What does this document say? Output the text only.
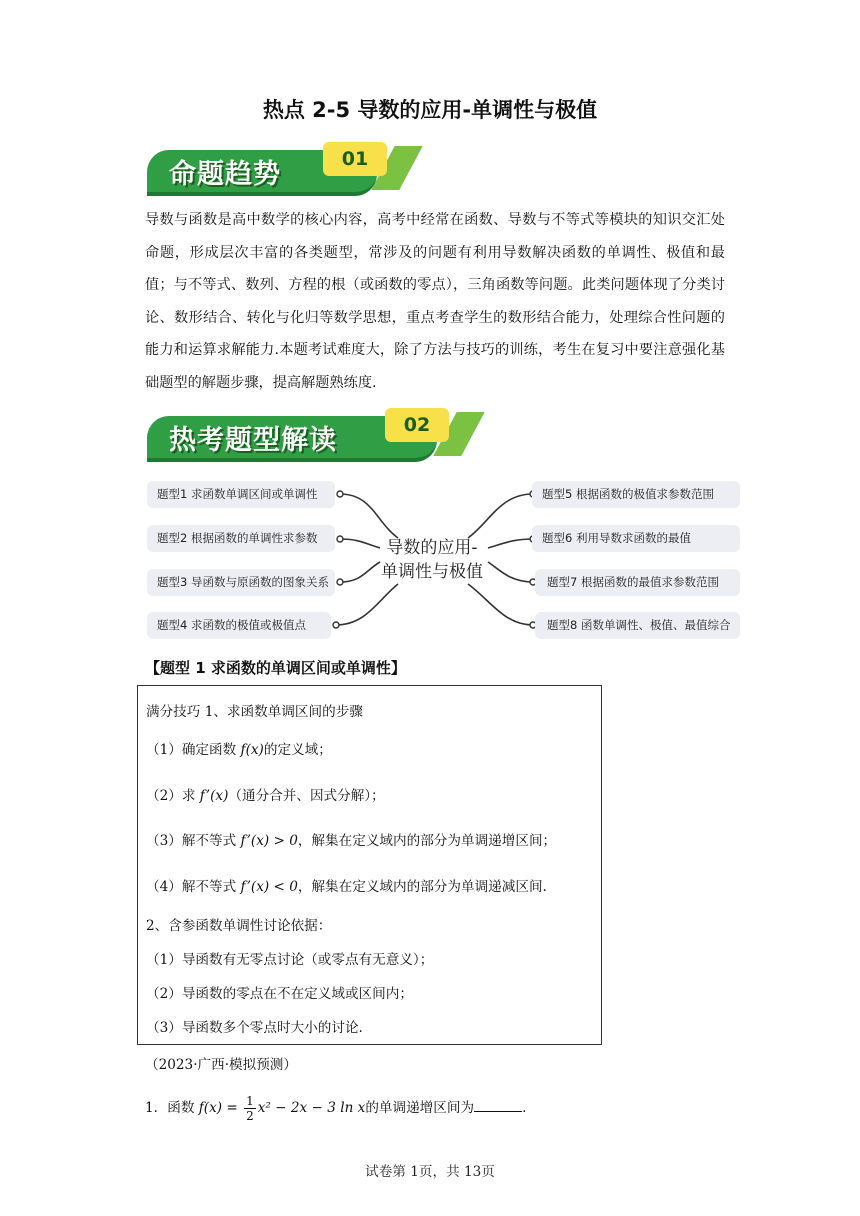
热点 2-5 导数的应用-单调性与极值
命题趋势	01
导数与函数是高中数学的核心内容，高考中经常在函数、导数与不等式等模块的知识交汇处命题，形成层次丰富的各类题型，常涉及的问题有利用导数解决函数的单调性、极值和最值；与不等式、数列、方程的根（或函数的零点），三角函数等问题。此类问题体现了分类讨论、数形结合、转化与化归等数学思想，重点考查学生的数形结合能力，处理综合性问题的能力和运算求解能力.本题考试难度大，除了方法与技巧的训练，考生在复习中要注意强化基础题型的解题步骤，提高解题熟练度.
热考题型解读	02
题型1 求函数单调区间或单调性
题型2 根据函数的单调性求参数
题型3 导函数与原函数的图象关系
题型4 求函数的极值或极值点
导数的应用-
单调性与极值
题型5 根据函数的极值求参数范围
题型6 利用导数求函数的最值
题型7 根据函数的最值求参数范围
题型8 函数单调性、极值、最值综合
【题型 1 求函数的单调区间或单调性】
满分技巧 1、求函数单调区间的步骤
（1）确定函数 f(x)的定义域；
（2）求 f’(x)（通分合并、因式分解）；
（3）解不等式 f’(x) > 0，解集在定义域内的部分为单调递增区间；
（4）解不等式 f’(x) < 0，解集在定义域内的部分为单调递减区间.
2、含参函数单调性讨论依据：
（1）导函数有无零点讨论（或零点有无意义）；
（2）导函数的零点在不在定义域或区间内；
（3）导函数多个零点时大小的讨论.
（2023·广西·模拟预测）
1．函数 $f(x) = \frac{1}{2} x^2 - 2x - 3$ ln x的单调递增区间为	.
试卷第 1页，共 13页
